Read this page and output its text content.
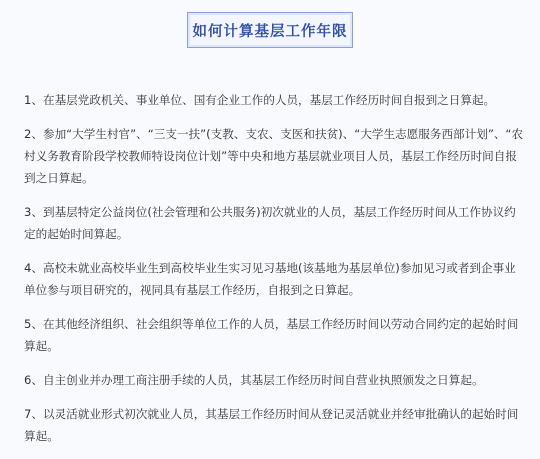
如何计算基层工作年限

1、在基层党政机关、事业单位、国有企业工作的人员，基层工作经历时间自报到之日算起。

2、参加“大学生村官”、“三支一扶”(支教、支农、支医和扶贫)、“大学生志愿服务西部计划”、“农村义务教育阶段学校教师特设岗位计划”等中央和地方基层就业项目人员，基层工作经历时间自报到之日算起。

3、到基层特定公益岗位(社会管理和公共服务)初次就业的人员，基层工作经历时间从工作协议约定的起始时间算起。

4、高校未就业高校毕业生到高校毕业生实习见习基地(该基地为基层单位)参加见习或者到企事业单位参与项目研究的，视同具有基层工作经历，自报到之日算起。

5、在其他经济组织、社会组织等单位工作的人员，基层工作经历时间以劳动合同约定的起始时间算起。

6、自主创业并办理工商注册手续的人员，其基层工作经历时间自营业执照颁发之日算起。

7、以灵活就业形式初次就业人员，其基层工作经历时间从登记灵活就业并经审批确认的起始时间算起。
